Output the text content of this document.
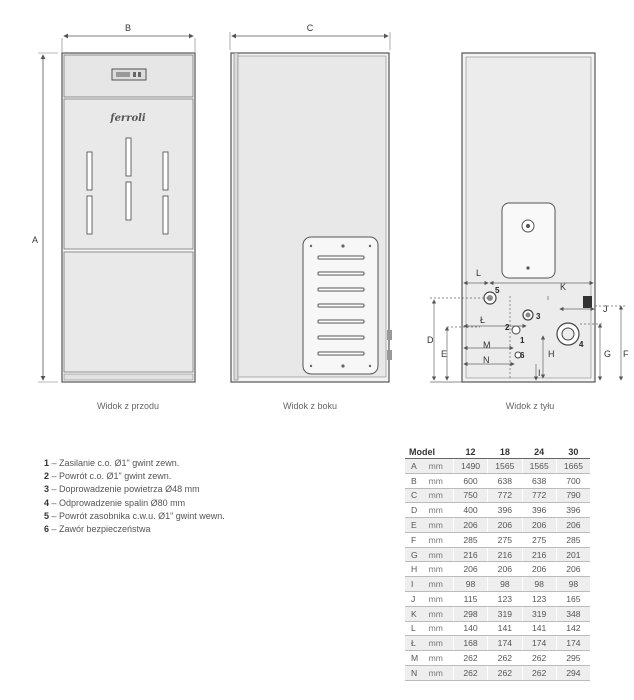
B
A
ferroli
C
L
K
J
Ł
M
N
D
E	F
G
H
I
5
3
2
1
6
4
Widok z przodu	Widok z boku	Widok z tyłu
1 – Zasilanie c.o. Ø1" gwint zewn.
2 – Powrót c.o. Ø1" gwint zewn.
3 – Doprowadzenie powietrza Ø48 mm
4 – Odprowadzenie spalin Ø80 mm
5 – Powrót zasobnika c.w.u. Ø1" gwint wewn.
6 – Zawór bezpieczeństwa
Model		12	18	24	30
A	mm	1490	1565	1565	1665
B	mm	600	638	638	700
C	mm	750	772	772	790
D	mm	400	396	396	396
E	mm	206	206	206	206
F	mm	285	275	275	285
G	mm	216	216	216	201
H	mm	206	206	206	206
I	mm	98	98	98	98
J	mm	115	123	123	165
K	mm	298	319	319	348
L	mm	140	141	141	142
Ł	mm	168	174	174	174
M	mm	262	262	262	295
N	mm	262	262	262	294
